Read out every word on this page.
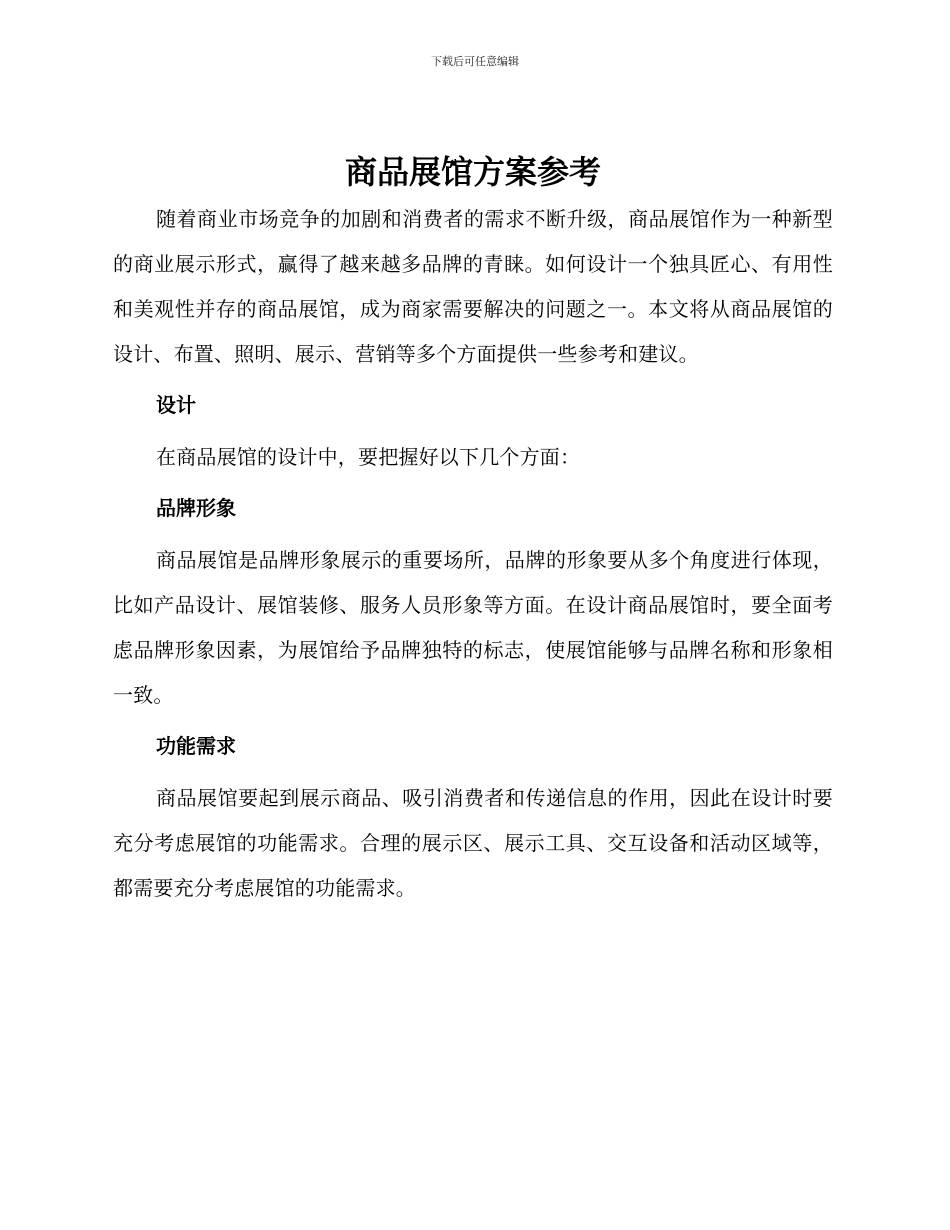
下载后可任意编辑
商品展馆方案参考

随着商业市场竞争的加剧和消费者的需求不断升级，商品展馆作为一种新型的商业展示形式，赢得了越来越多品牌的青睐。如何设计一个独具匠心、有用性和美观性并存的商品展馆，成为商家需要解决的问题之一。本文将从商品展馆的设计、布置、照明、展示、营销等多个方面提供一些参考和建议。

设计

在商品展馆的设计中，要把握好以下几个方面：

品牌形象

商品展馆是品牌形象展示的重要场所，品牌的形象要从多个角度进行体现，比如产品设计、展馆装修、服务人员形象等方面。在设计商品展馆时，要全面考虑品牌形象因素，为展馆给予品牌独特的标志，使展馆能够与品牌名称和形象相一致。

功能需求

商品展馆要起到展示商品、吸引消费者和传递信息的作用，因此在设计时要充分考虑展馆的功能需求。合理的展示区、展示工具、交互设备和活动区域等，都需要充分考虑展馆的功能需求。
